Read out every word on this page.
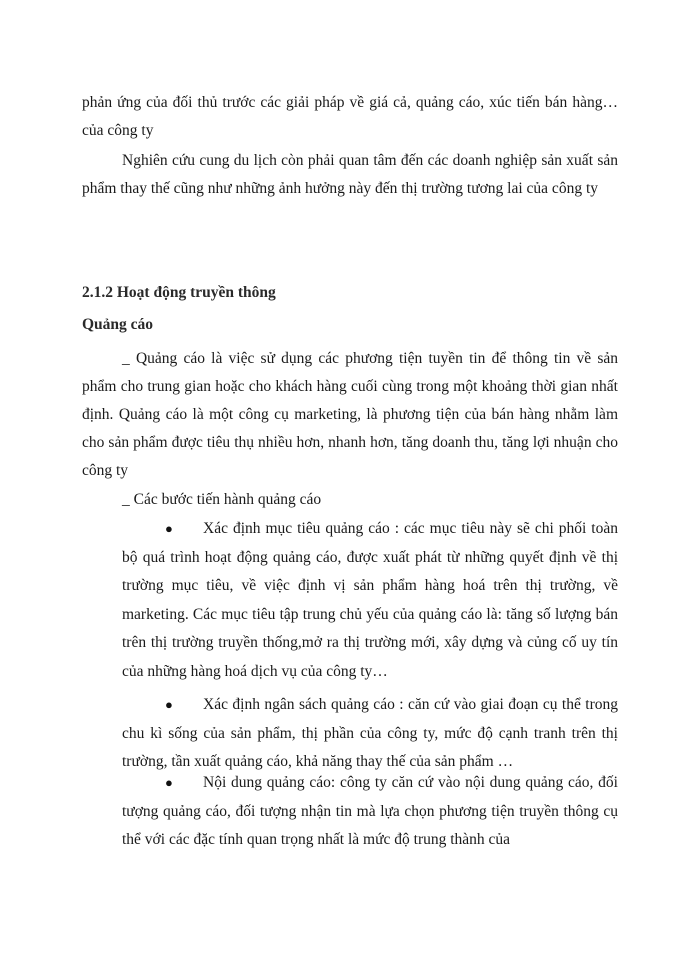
phản ứng của đối thủ trước các giải pháp về giá cả, quảng cáo, xúc tiến bán hàng…của công ty

Nghiên cứu cung du lịch còn phải quan tâm đến các doanh nghiệp sản xuất sản phẩm thay thế cũng như những ảnh hưởng này đến thị trường tương lai của công ty

2.1.2 Hoạt động truyền thông
Quảng cáo

_ Quảng cáo là việc sử dụng các phương tiện tuyền tin để thông tin về sản phẩm cho trung gian hoặc cho khách hàng cuối cùng trong một khoảng thời gian nhất định. Quảng cáo là một công cụ marketing, là phương tiện của bán hàng nhằm làm cho sản phẩm được tiêu thụ nhiều hơn, nhanh hơn, tăng doanh thu, tăng lợi nhuận cho công ty

_ Các bước tiến hành quảng cáo

●	Xác định mục tiêu quảng cáo : các mục tiêu này sẽ chi phối toàn bộ quá trình hoạt động quảng cáo, được xuất phát từ những quyết định về thị trường mục tiêu, về việc định vị sản phẩm hàng hoá trên thị trường, về marketing. Các mục tiêu tập trung chủ yếu của quảng cáo là: tăng số lượng bán trên thị trường truyền thống,mở ra thị trường mới, xây dựng và củng cố uy tín của những hàng hoá dịch vụ của công ty…
●	Xác định ngân sách quảng cáo : căn cứ vào giai đoạn cụ thể trong chu kì sống của sản phẩm, thị phần của công ty, mức độ cạnh tranh trên thị trường, tần xuất quảng cáo, khả năng thay thế của sản phẩm …
●	Nội dung quảng cáo: công ty căn cứ vào nội dung quảng cáo, đối tượng quảng cáo, đối tượng nhận tin mà lựa chọn phương tiện truyền thông cụ thể với các đặc tính quan trọng nhất là mức độ trung thành của
